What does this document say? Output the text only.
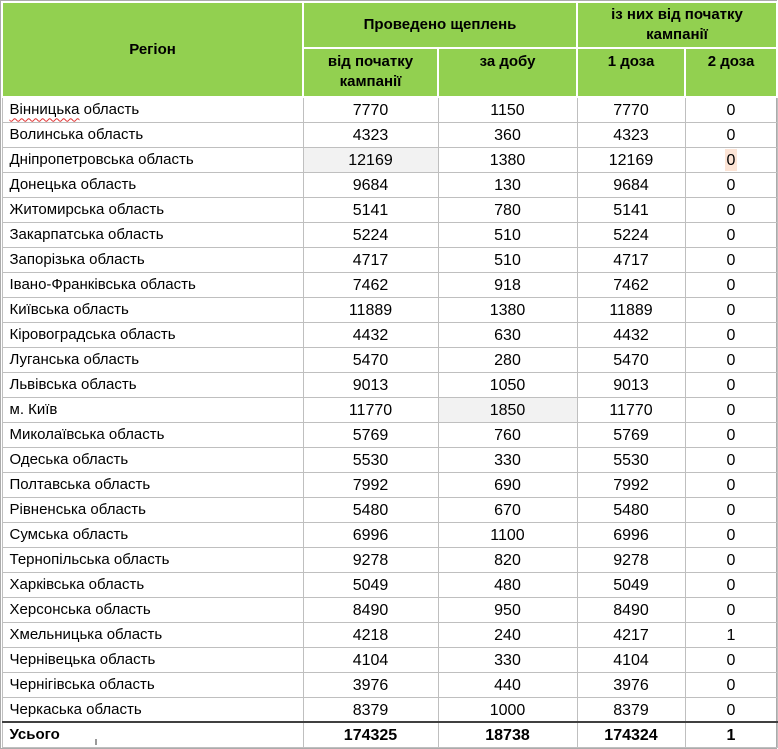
Регіон	Проведено щеплень		із них від початку кампанії	
	від початку кампанії	за добу	1 доза	2 доза
Вінницька область	7770	1150	7770	0
Волинська область	4323	360	4323	0
Дніпропетровська область	12169	1380	12169	0
Донецька область	9684	130	9684	0
Житомирська область	5141	780	5141	0
Закарпатська область	5224	510	5224	0
Запорізька область	4717	510	4717	0
Івано-Франківська область	7462	918	7462	0
Київська область	11889	1380	11889	0
Кіровоградська область	4432	630	4432	0
Луганська область	5470	280	5470	0
Львівська область	9013	1050	9013	0
м. Київ	11770	1850	11770	0
Миколаївська область	5769	760	5769	0
Одеська область	5530	330	5530	0
Полтавська область	7992	690	7992	0
Рівненська область	5480	670	5480	0
Сумська область	6996	1100	6996	0
Тернопільська область	9278	820	9278	0
Харківська область	5049	480	5049	0
Херсонська область	8490	950	8490	0
Хмельницька область	4218	240	4217	1
Чернівецька область	4104	330	4104	0
Чернігівська область	3976	440	3976	0
Черкаська область	8379	1000	8379	0
Усього	174325	18738	174324	1
